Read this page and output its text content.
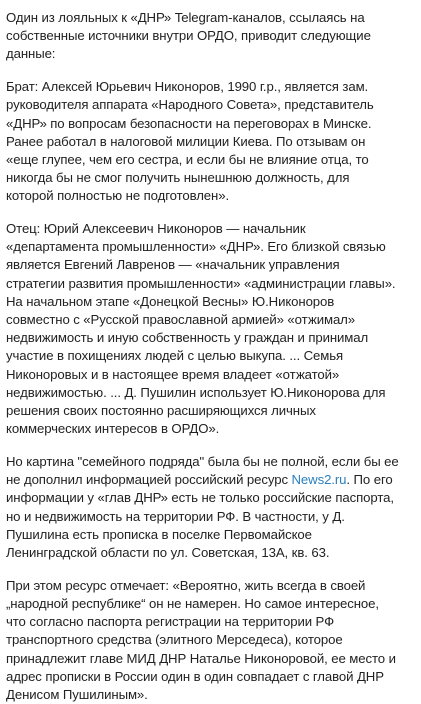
Один из лояльных к «ДНР» Telegram-каналов, ссылаясь на
собственные источники внутри ОРДО, приводит следующие
данные:

Брат: Алексей Юрьевич Никоноров, 1990 г.р., является зам.
руководителя аппарата «Народного Совета», представитель
«ДНР» по вопросам безопасности на переговорах в Минске.
Ранее работал в налоговой милиции Киева. По отзывам он
«еще глупее, чем его сестра, и если бы не влияние отца, то
никогда бы не смог получить нынешнюю должность, для
которой полностью не подготовлен».

Отец: Юрий Алексеевич Никоноров — начальник
«департамента промышленности» «ДНР». Его близкой связью
является Евгений Лавренов — «начальник управления
стратегии развития промышленности» «администрации главы».
На начальном этапе «Донецкой Весны» Ю.Никоноров
совместно с «Русской православной армией» «отжимал»
недвижимость и иную собственность у граждан и принимал
участие в похищениях людей с целью выкупа. ... Семья
Никоноровых и в настоящее время владеет «отжатой»
недвижимостью. ... Д. Пушилин использует Ю.Никонорова для
решения своих постоянно расширяющихся личных
коммерческих интересов в ОРДО».

Но картина "семейного подряда" была бы не полной, если бы ее
не дополнил информацией российский ресурс News2.ru. По его
информации у «глав ДНР» есть не только российские паспорта,
но и недвижимость на территории РФ. В частности, у Д.
Пушилина есть прописка в поселке Первомайское
Ленинградской области по ул. Советская, 13А, кв. 63.

При этом ресурс отмечает: «Вероятно, жить всегда в своей
„народной республике“ он не намерен. Но самое интересное,
что согласно паспорта регистрации на территории РФ
транспортного средства (элитного Мерседеса), которое
принадлежит главе МИД ДНР Наталье Никоноровой, ее место и
адрес прописки в России один в один совпадает с главой ДНР
Денисом Пушилиным».
